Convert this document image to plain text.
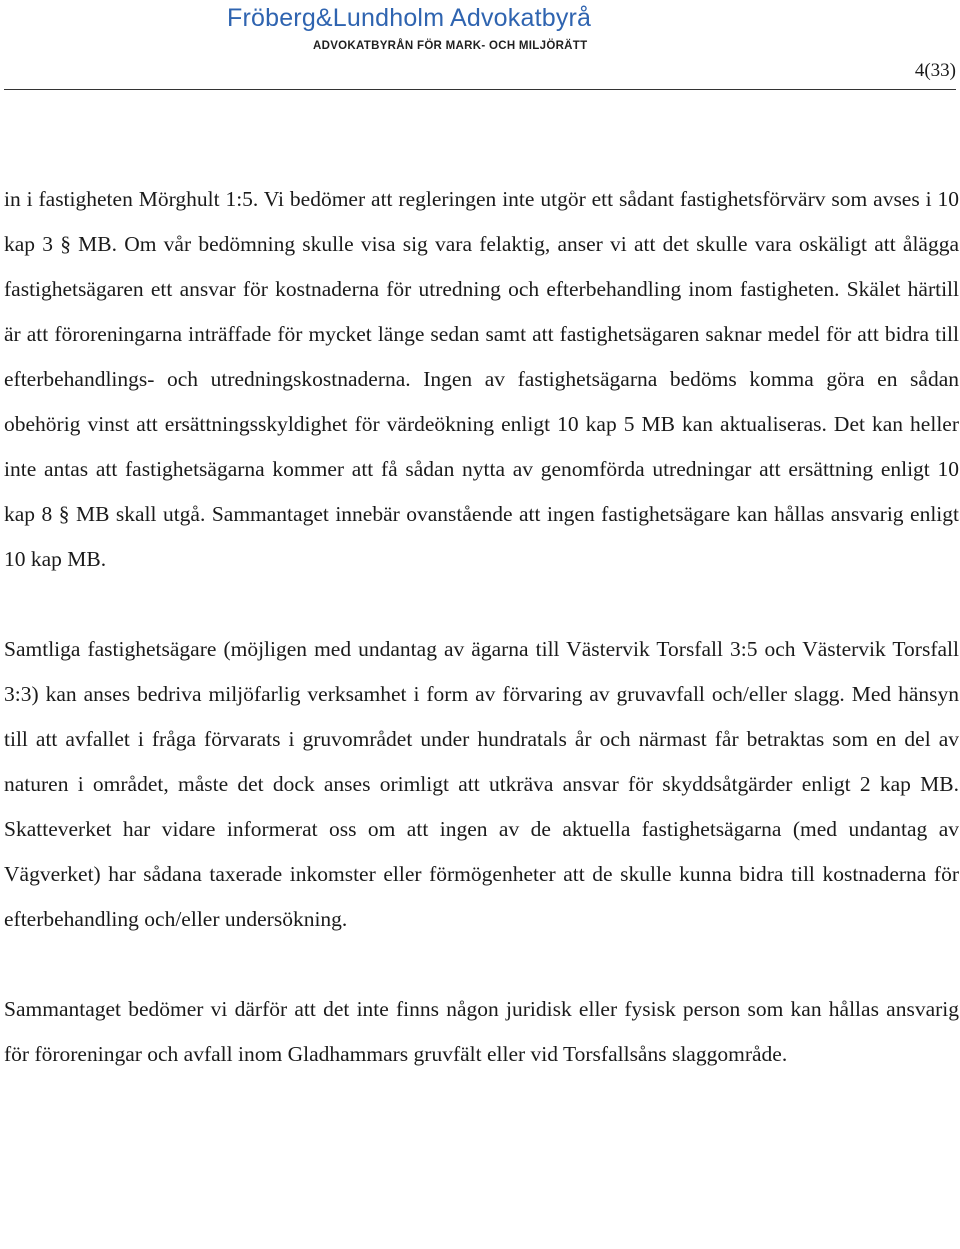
Fröberg&Lundholm Advokatbyrå
ADVOKATBYRÅN FÖR MARK- OCH MILJÖRÄTT
4(33)

in i fastigheten Mörghult 1:5. Vi bedömer att regleringen inte utgör ett sådant fastighetsförvärv som avses i 10 kap 3 § MB. Om vår bedömning skulle visa sig vara felaktig, anser vi att det skulle vara oskäligt att ålägga fastighetsägaren ett ansvar för kostnaderna för utredning och efterbehandling inom fastigheten. Skälet härtill är att föroreningarna inträffade för mycket länge sedan samt att fastighetsägaren saknar medel för att bidra till efterbehandlings- och utredningskostnaderna. Ingen av fastighetsägarna bedöms komma göra en sådan obehörig vinst att ersättningsskyldighet för värdeökning enligt 10 kap 5 MB kan aktualiseras. Det kan heller inte antas att fastighetsägarna kommer att få sådan nytta av genomförda utredningar att ersättning enligt 10 kap 8 § MB skall utgå. Sammantaget innebär ovanstående att ingen fastighetsägare kan hållas ansvarig enligt 10 kap MB.

Samtliga fastighetsägare (möjligen med undantag av ägarna till Västervik Torsfall 3:5 och Västervik Torsfall 3:3) kan anses bedriva miljöfarlig verksamhet i form av förvaring av gruvavfall och/eller slagg. Med hänsyn till att avfallet i fråga förvarats i gruvområdet under hundratals år och närmast får betraktas som en del av naturen i området, måste det dock anses orimligt att utkräva ansvar för skyddsåtgärder enligt 2 kap MB. Skatteverket har vidare informerat oss om att ingen av de aktuella fastighetsägarna (med undantag av Vägverket) har sådana taxerade inkomster eller förmögenheter att de skulle kunna bidra till kostnaderna för efterbehandling och/eller undersökning.

Sammantaget bedömer vi därför att det inte finns någon juridisk eller fysisk person som kan hållas ansvarig för föroreningar och avfall inom Gladhammars gruvfält eller vid Torsfallsåns slaggområde.
